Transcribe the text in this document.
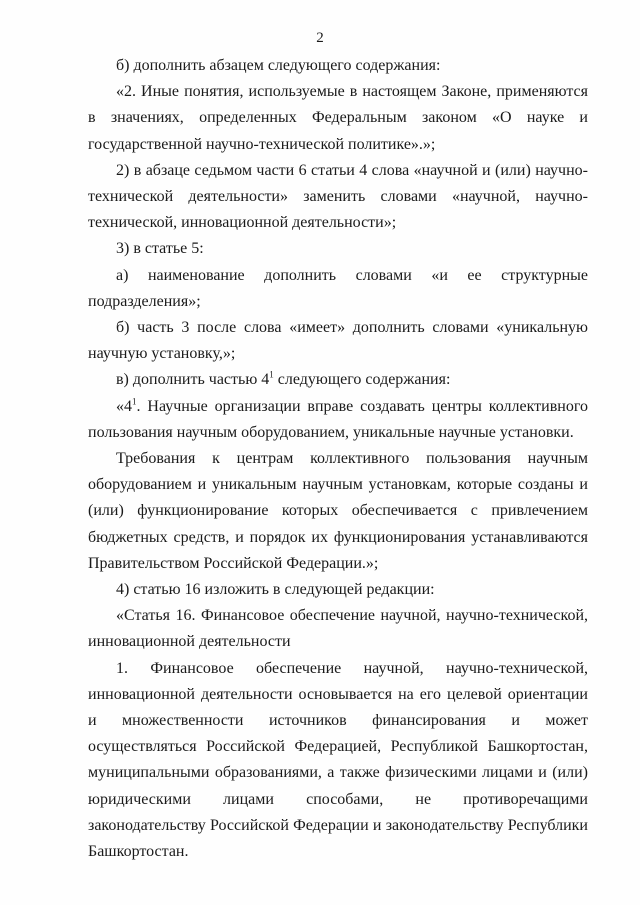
2

б) дополнить абзацем следующего содержания:

«2. Иные понятия, используемые в настоящем Законе, применяются в значениях, определенных Федеральным законом «О науке и государственной научно-технической политике».»;

2) в абзаце седьмом части 6 статьи 4 слова «научной и (или) научно-технической деятельности» заменить словами «научной, научно-технической, инновационной деятельности»;

3) в статье 5:

а) наименование дополнить словами «и ее структурные подразделения»;

б) часть 3 после слова «имеет» дополнить словами «уникальную научную установку,»;

в) дополнить частью $4^1$ следующего содержания:

«$4^1$. Научные организации вправе создавать центры коллективного пользования научным оборудованием, уникальные научные установки.

Требования к центрам коллективного пользования научным оборудованием и уникальным научным установкам, которые созданы и (или) функционирование которых обеспечивается с привлечением бюджетных средств, и порядок их функционирования устанавливаются Правительством Российской Федерации.»;

4) статью 16 изложить в следующей редакции:

«Статья 16. Финансовое обеспечение научной, научно-технической, инновационной деятельности

1. Финансовое обеспечение научной, научно-технической, инновационной деятельности основывается на его целевой ориентации и множественности источников финансирования и может осуществляться Российской Федерацией, Республикой Башкортостан, муниципальными образованиями, а также физическими лицами и (или) юридическими лицами способами, не противоречащими законодательству Российской Федерации и законодательству Республики Башкортостан.
